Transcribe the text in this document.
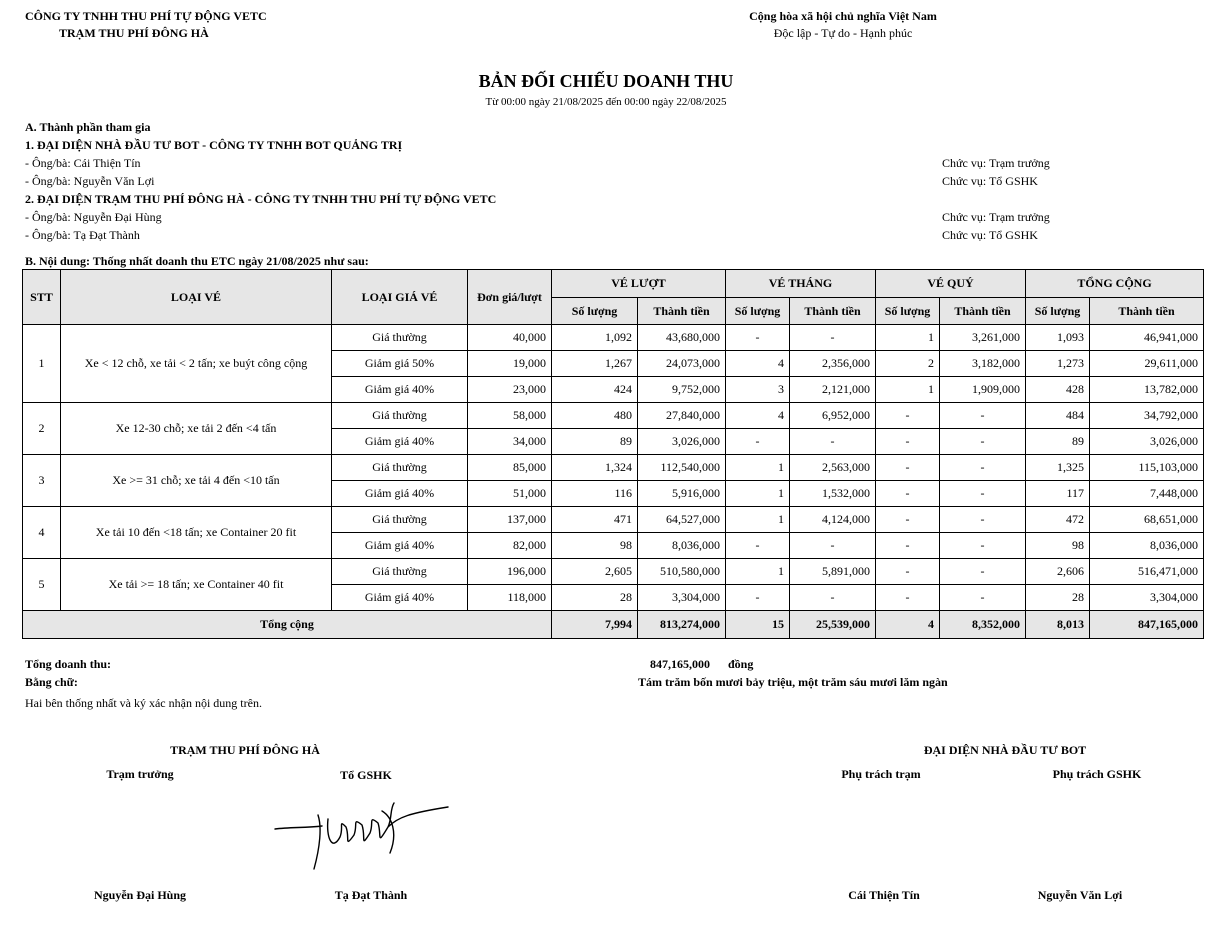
CÔNG TY TNHH THU PHÍ TỰ ĐỘNG VETC
TRẠM THU PHÍ ĐÔNG HÀ
Cộng hòa xã hội chủ nghĩa Việt Nam
Độc lập - Tự do - Hạnh phúc
BẢN ĐỐI CHIẾU DOANH THU
Từ 00:00 ngày 21/08/2025 đến 00:00 ngày 22/08/2025
A. Thành phần tham gia
1. ĐẠI DIỆN NHÀ ĐẦU TƯ BOT - CÔNG TY TNHH BOT QUẢNG TRỊ
- Ông/bà: Cái Thiện Tín	Chức vụ: Trạm trưởng
- Ông/bà: Nguyễn Văn Lợi	Chức vụ: Tổ GSHK
2. ĐẠI DIỆN TRẠM THU PHÍ ĐÔNG HÀ - CÔNG TY TNHH THU PHÍ TỰ ĐỘNG VETC
- Ông/bà: Nguyễn Đại Hùng	Chức vụ: Trạm trưởng
- Ông/bà: Tạ Đạt Thành	Chức vụ: Tổ GSHK
B. Nội dung: Thống nhất doanh thu ETC ngày 21/08/2025 như sau:
STT	LOẠI VÉ	LOẠI GIÁ VÉ	Đơn giá/lượt	VÉ LƯỢT		VÉ THÁNG		VÉ QUÝ		TỔNG CỘNG	
				Số lượng	Thành tiền	Số lượng	Thành tiền	Số lượng	Thành tiền	Số lượng	Thành tiền
1	Xe < 12 chỗ, xe tải < 2 tấn; xe buýt công cộng	Giá thường	40,000	1,092	43,680,000	-	-	1	3,261,000	1,093	46,941,000
		Giảm giá 50%	19,000	1,267	24,073,000	4	2,356,000	2	3,182,000	1,273	29,611,000
		Giảm giá 40%	23,000	424	9,752,000	3	2,121,000	1	1,909,000	428	13,782,000
2	Xe 12-30 chỗ; xe tải 2 đến <4 tấn	Giá thường	58,000	480	27,840,000	4	6,952,000	-	-	484	34,792,000
		Giảm giá 40%	34,000	89	3,026,000	-	-	-	-	89	3,026,000
3	Xe >= 31 chỗ; xe tải 4 đến <10 tấn	Giá thường	85,000	1,324	112,540,000	1	2,563,000	-	-	1,325	115,103,000
		Giảm giá 40%	51,000	116	5,916,000	1	1,532,000	-	-	117	7,448,000
4	Xe tải 10 đến <18 tấn; xe Container 20 fit	Giá thường	137,000	471	64,527,000	1	4,124,000	-	-	472	68,651,000
		Giảm giá 40%	82,000	98	8,036,000	-	-	-	-	98	8,036,000
5	Xe tải >= 18 tấn; xe Container 40 fit	Giá thường	196,000	2,605	510,580,000	1	5,891,000	-	-	2,606	516,471,000
		Giảm giá 40%	118,000	28	3,304,000	-	-	-	-	28	3,304,000
Tổng cộng				7,994	813,274,000	15	25,539,000	4	8,352,000	8,013	847,165,000
Tổng doanh thu:	847,165,000 đồng
Bằng chữ:	Tám trăm bốn mươi bảy triệu, một trăm sáu mươi lăm ngàn
Hai bên thống nhất và ký xác nhận nội dung trên.
TRẠM THU PHÍ ĐÔNG HÀ	ĐẠI DIỆN NHÀ ĐẦU TƯ BOT
Trạm trưởng	Tổ GSHK	Phụ trách trạm	Phụ trách GSHK
Nguyễn Đại Hùng	Tạ Đạt Thành	Cái Thiện Tín	Nguyễn Văn Lợi
